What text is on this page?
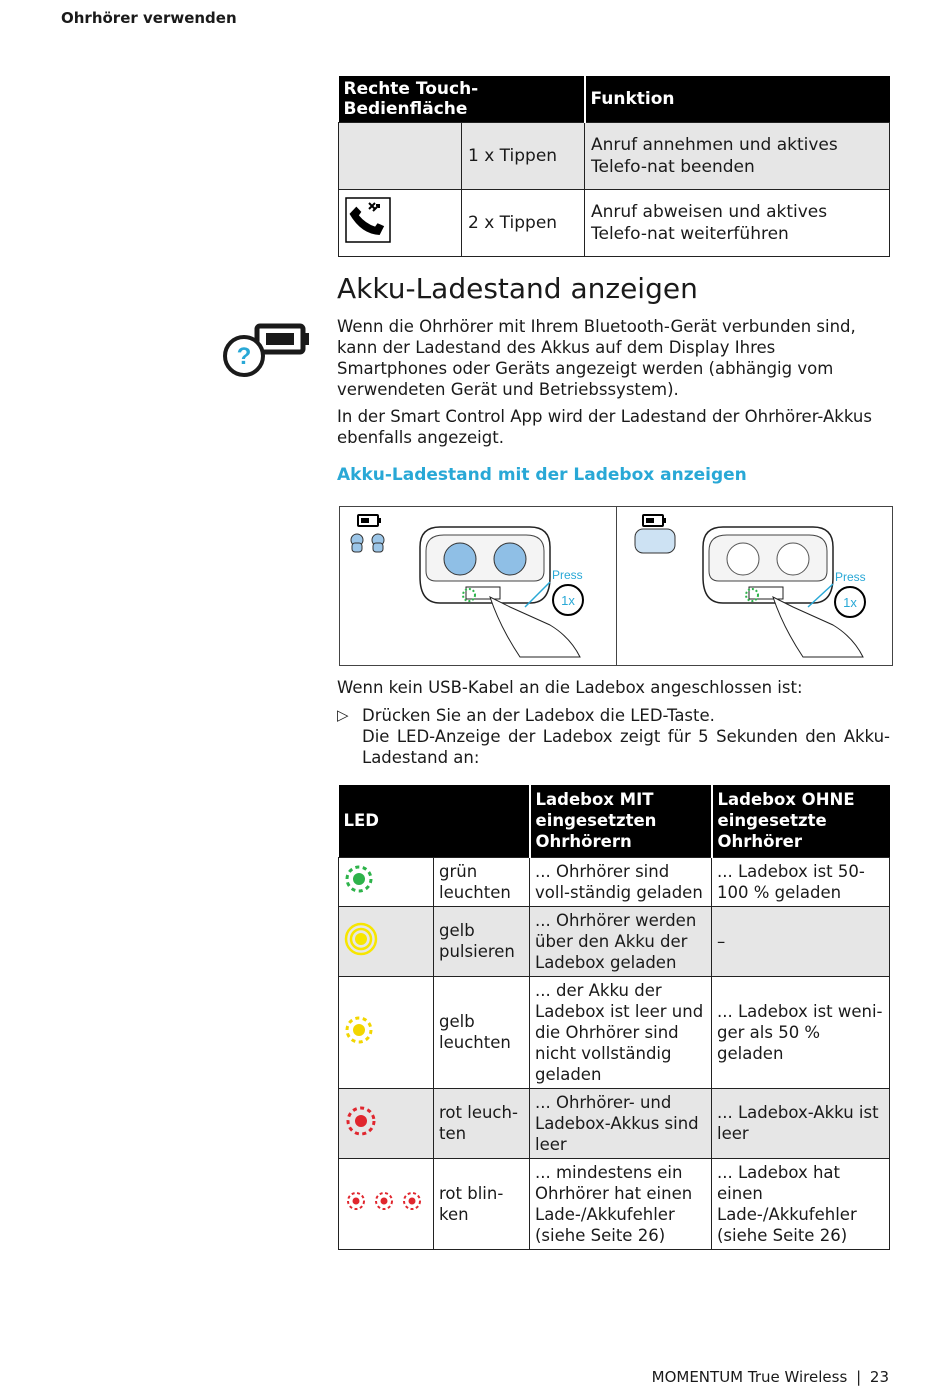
Ohrhörer verwenden
Rechte Touch-Bedienfläche		Funktion
	1 x Tippen	Anruf annehmen und aktives Telefo-nat beenden
	2 x Tippen	Anruf abweisen und aktives Telefo-nat weiterführen
?
Akku-Ladestand anzeigen
Wenn die Ohrhörer mit Ihrem Bluetooth-Gerät verbunden sind, kann der Ladestand des Akkus auf dem Display Ihres Smartphones oder Geräts angezeigt werden (abhängig vom verwendeten Gerät und Betriebssystem).
In der Smart Control App wird der Ladestand der Ohrhörer-Akkus ebenfalls angezeigt.
Akku-Ladestand mit der Ladebox anzeigen
Press
1x
Press
1x
Wenn kein USB-Kabel an die Ladebox angeschlossen ist:
▷ Drücken Sie an der Ladebox die LED-Taste.
Die LED-Anzeige der Ladebox zeigt für 5 Sekunden den Akku-Ladestand an:
LED		Ladebox MIT eingesetzten Ohrhörern	Ladebox OHNE eingesetzte Ohrhörer
	grün leuchten	... Ohrhörer sind voll-ständig geladen	... Ladebox ist 50-100 % geladen
	gelb pulsieren	... Ohrhörer werden über den Akku der Ladebox geladen	–
	gelb leuchten	... der Akku der Ladebox ist leer und die Ohrhörer sind nicht vollständig geladen	... Ladebox ist weni-ger als 50 % geladen
	rot leuch-ten	... Ohrhörer- und Ladebox-Akkus sind leer	... Ladebox-Akku ist leer
	rot blin-ken	... mindestens ein Ohrhörer hat einen Lade-/Akkufehler (siehe Seite 26)	... Ladebox hat einen Lade-/Akkufehler (siehe Seite 26)
MOMENTUM True Wireless | 23
